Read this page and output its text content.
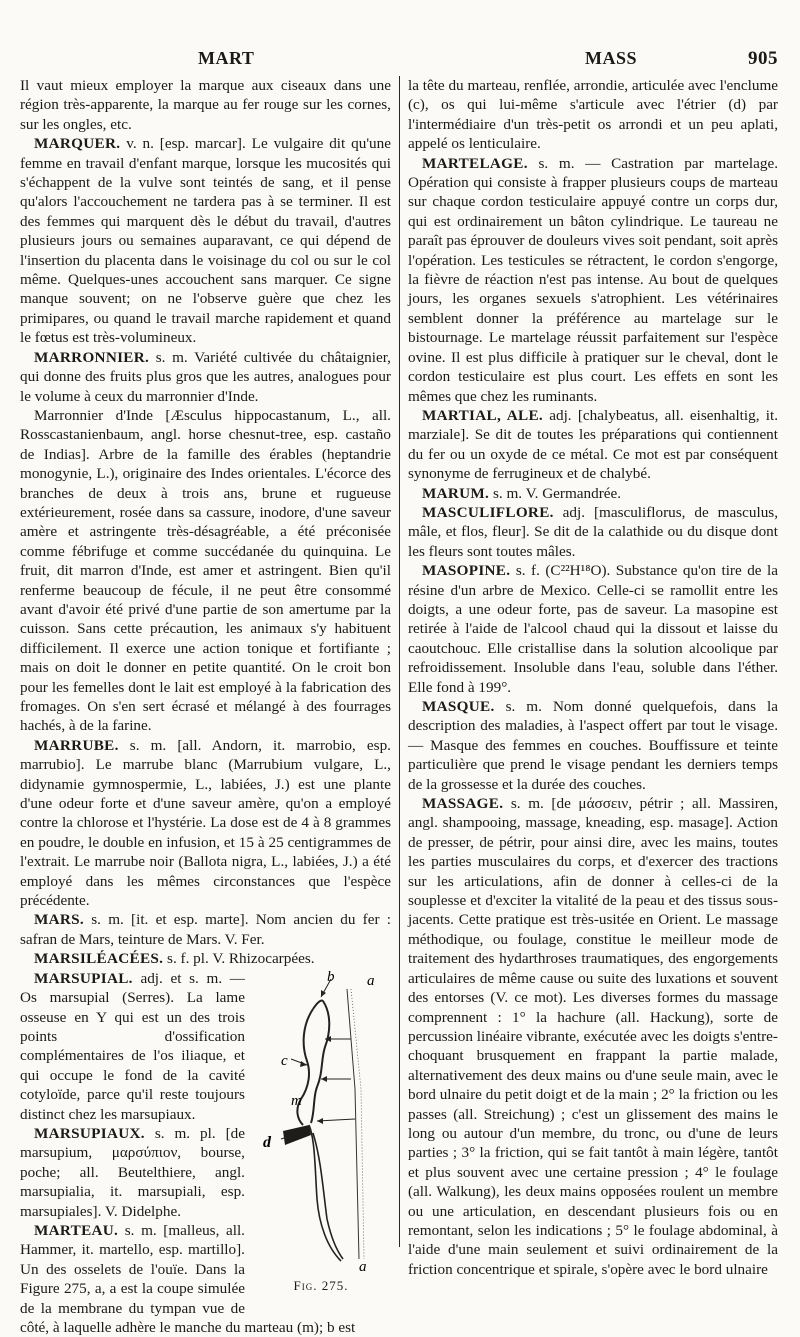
MART	MASS	905

Il vaut mieux employer la marque aux ciseaux dans une région très-apparente, la marque au fer rouge sur les cornes, sur les ongles, etc.

MARQUER. v. n. [esp. marcar]. Le vulgaire dit qu'une femme en travail d'enfant marque, lorsque les mucosités qui s'échappent de la vulve sont teintés de sang, et il pense qu'alors l'accouchement ne tardera pas à se terminer. Il est des femmes qui marquent dès le début du travail, d'autres plusieurs jours ou semaines auparavant, ce qui dépend de l'insertion du placenta dans le voisinage du col ou sur le col même. Quelques-unes accouchent sans marquer. Ce signe manque souvent; on ne l'observe guère que chez les primipares, ou quand le travail marche rapidement et quand le fœtus est très-volumineux.

MARRONNIER. s. m. Variété cultivée du châtaignier, qui donne des fruits plus gros que les autres, analogues pour le volume à ceux du marronnier d'Inde.

Marronnier d'Inde [Æsculus hippocastanum, L., all. Rosscastanienbaum, angl. horse chesnut-tree, esp. castaño de Indias]. Arbre de la famille des érables (heptandrie monogynie, L.), originaire des Indes orientales. L'écorce des branches de deux à trois ans, brune et rugueuse extérieurement, rosée dans sa cassure, inodore, d'une saveur amère et astringente très-désagréable, a été préconisée comme fébrifuge et comme succédanée du quinquina. Le fruit, dit marron d'Inde, est amer et astringent. Bien qu'il renferme beaucoup de fécule, il ne peut être consommé avant d'avoir été privé d'une partie de son amertume par la cuisson. Sans cette précaution, les animaux s'y habituent difficilement. Il exerce une action tonique et fortifiante ; mais on doit le donner en petite quantité. On le croit bon pour les femelles dont le lait est employé à la fabrication des fromages. On s'en sert écrasé et mélangé à des fourrages hachés, à de la farine.

MARRUBE. s. m. [all. Andorn, it. marrobio, esp. marrubio]. Le marrube blanc (Marrubium vulgare, L., didynamie gymnospermie, L., labiées, J.) est une plante d'une odeur forte et d'une saveur amère, qu'on a employé contre la chlorose et l'hystérie. La dose est de 4 à 8 grammes en poudre, le double en infusion, et 15 à 25 centigrammes de l'extrait. Le marrube noir (Ballota nigra, L., labiées, J.) a été employé dans les mêmes circonstances que l'espèce précédente.

MARS. s. m. [it. et esp. marte]. Nom ancien du fer : safran de Mars, teinture de Mars. V. Fer.

MARSILÉACÉES. s. f. pl. V. Rhizocarpées.

b a
c
m
d
a
Fig. 275.

MARSUPIAL. adj. et s. m. — Os marsupial (Serres). La lame osseuse en Y qui est un des trois points d'ossification complémentaires de l'os iliaque, et qui occupe le fond de la cavité cotyloïde, parce qu'il reste toujours distinct chez les marsupiaux.

MARSUPIAUX. s. m. pl. [de marsupium, μαρσύπιον, bourse, poche; all. Beutelthiere, angl. marsupialia, it. marsupiali, esp. marsupiales]. V. Didelphe.

MARTEAU. s. m. [malleus, all. Hammer, it. martello, esp. martillo]. Un des osselets de l'ouïe. Dans la Figure 275, a, a est la coupe simulée de la membrane du tympan vue de côté, à laquelle adhère le manche du marteau (m); b est

la tête du marteau, renflée, arrondie, articulée avec l'enclume (c), os qui lui-même s'articule avec l'étrier (d) par l'intermédiaire d'un très-petit os arrondi et un peu aplati, appelé os lenticulaire.

MARTELAGE. s. m. — Castration par martelage. Opération qui consiste à frapper plusieurs coups de marteau sur chaque cordon testiculaire appuyé contre un corps dur, qui est ordinairement un bâton cylindrique. Le taureau ne paraît pas éprouver de douleurs vives soit pendant, soit après l'opération. Les testicules se rétractent, le cordon s'engorge, la fièvre de réaction n'est pas intense. Au bout de quelques jours, les organes sexuels s'atrophient. Les vétérinaires semblent donner la préférence au martelage sur le bistournage. Le martelage réussit parfaitement sur l'espèce ovine. Il est plus difficile à pratiquer sur le cheval, dont le cordon testiculaire est plus court. Les effets en sont les mêmes que chez les ruminants.

MARTIAL, ALE. adj. [chalybeatus, all. eisenhaltig, it. marziale]. Se dit de toutes les préparations qui contiennent du fer ou un oxyde de ce métal. Ce mot est par conséquent synonyme de ferrugineux et de chalybé.

MARUM. s. m. V. Germandrée.

MASCULIFLORE. adj. [masculiflorus, de masculus, mâle, et flos, fleur]. Se dit de la calathide ou du disque dont les fleurs sont toutes mâles.

MASOPINE. s. f. (C²²H¹⁸O). Substance qu'on tire de la résine d'un arbre de Mexico. Celle-ci se ramollit entre les doigts, a une odeur forte, pas de saveur. La masopine est retirée à l'aide de l'alcool chaud qui la dissout et laisse du caoutchouc. Elle cristallise dans la solution alcoolique par refroidissement. Insoluble dans l'eau, soluble dans l'éther. Elle fond à 199°.

MASQUE. s. m. Nom donné quelquefois, dans la description des maladies, à l'aspect offert par tout le visage. — Masque des femmes en couches. Bouffissure et teinte particulière que prend le visage pendant les derniers temps de la grossesse et la durée des couches.

MASSAGE. s. m. [de μάσσειν, pétrir ; all. Massiren, angl. shampooing, massage, kneading, esp. masage]. Action de presser, de pétrir, pour ainsi dire, avec les mains, toutes les parties musculaires du corps, et d'exercer des tractions sur les articulations, afin de donner à celles-ci de la souplesse et d'exciter la vitalité de la peau et des tissus sous-jacents. Cette pratique est très-usitée en Orient. Le massage méthodique, ou foulage, constitue le meilleur mode de traitement des hydarthroses traumatiques, des engorgements articulaires de même cause ou suite des luxations et souvent des entorses (V. ce mot). Les diverses formes du massage comprennent : 1° la hachure (all. Hackung), sorte de percussion linéaire vibrante, exécutée avec les doigts s'entre-choquant brusquement en frappant la partie malade, alternativement des deux mains ou d'une seule main, avec le bord ulnaire du petit doigt et de la main ; 2° la friction ou les passes (all. Streichung) ; c'est un glissement des mains le long ou autour d'un membre, du tronc, ou d'une de leurs parties ; 3° la friction, qui se fait tantôt à main légère, tantôt et plus souvent avec une certaine pression ; 4° le foulage (all. Walkung), les deux mains opposées roulent un membre ou une articulation, en descendant plusieurs fois ou en remontant, selon les indications ; 5° le foulage abdominal, à l'aide d'une main seulement et suivi ordinairement de la friction concentrique et spirale, s'opère avec le bord ulnaire
